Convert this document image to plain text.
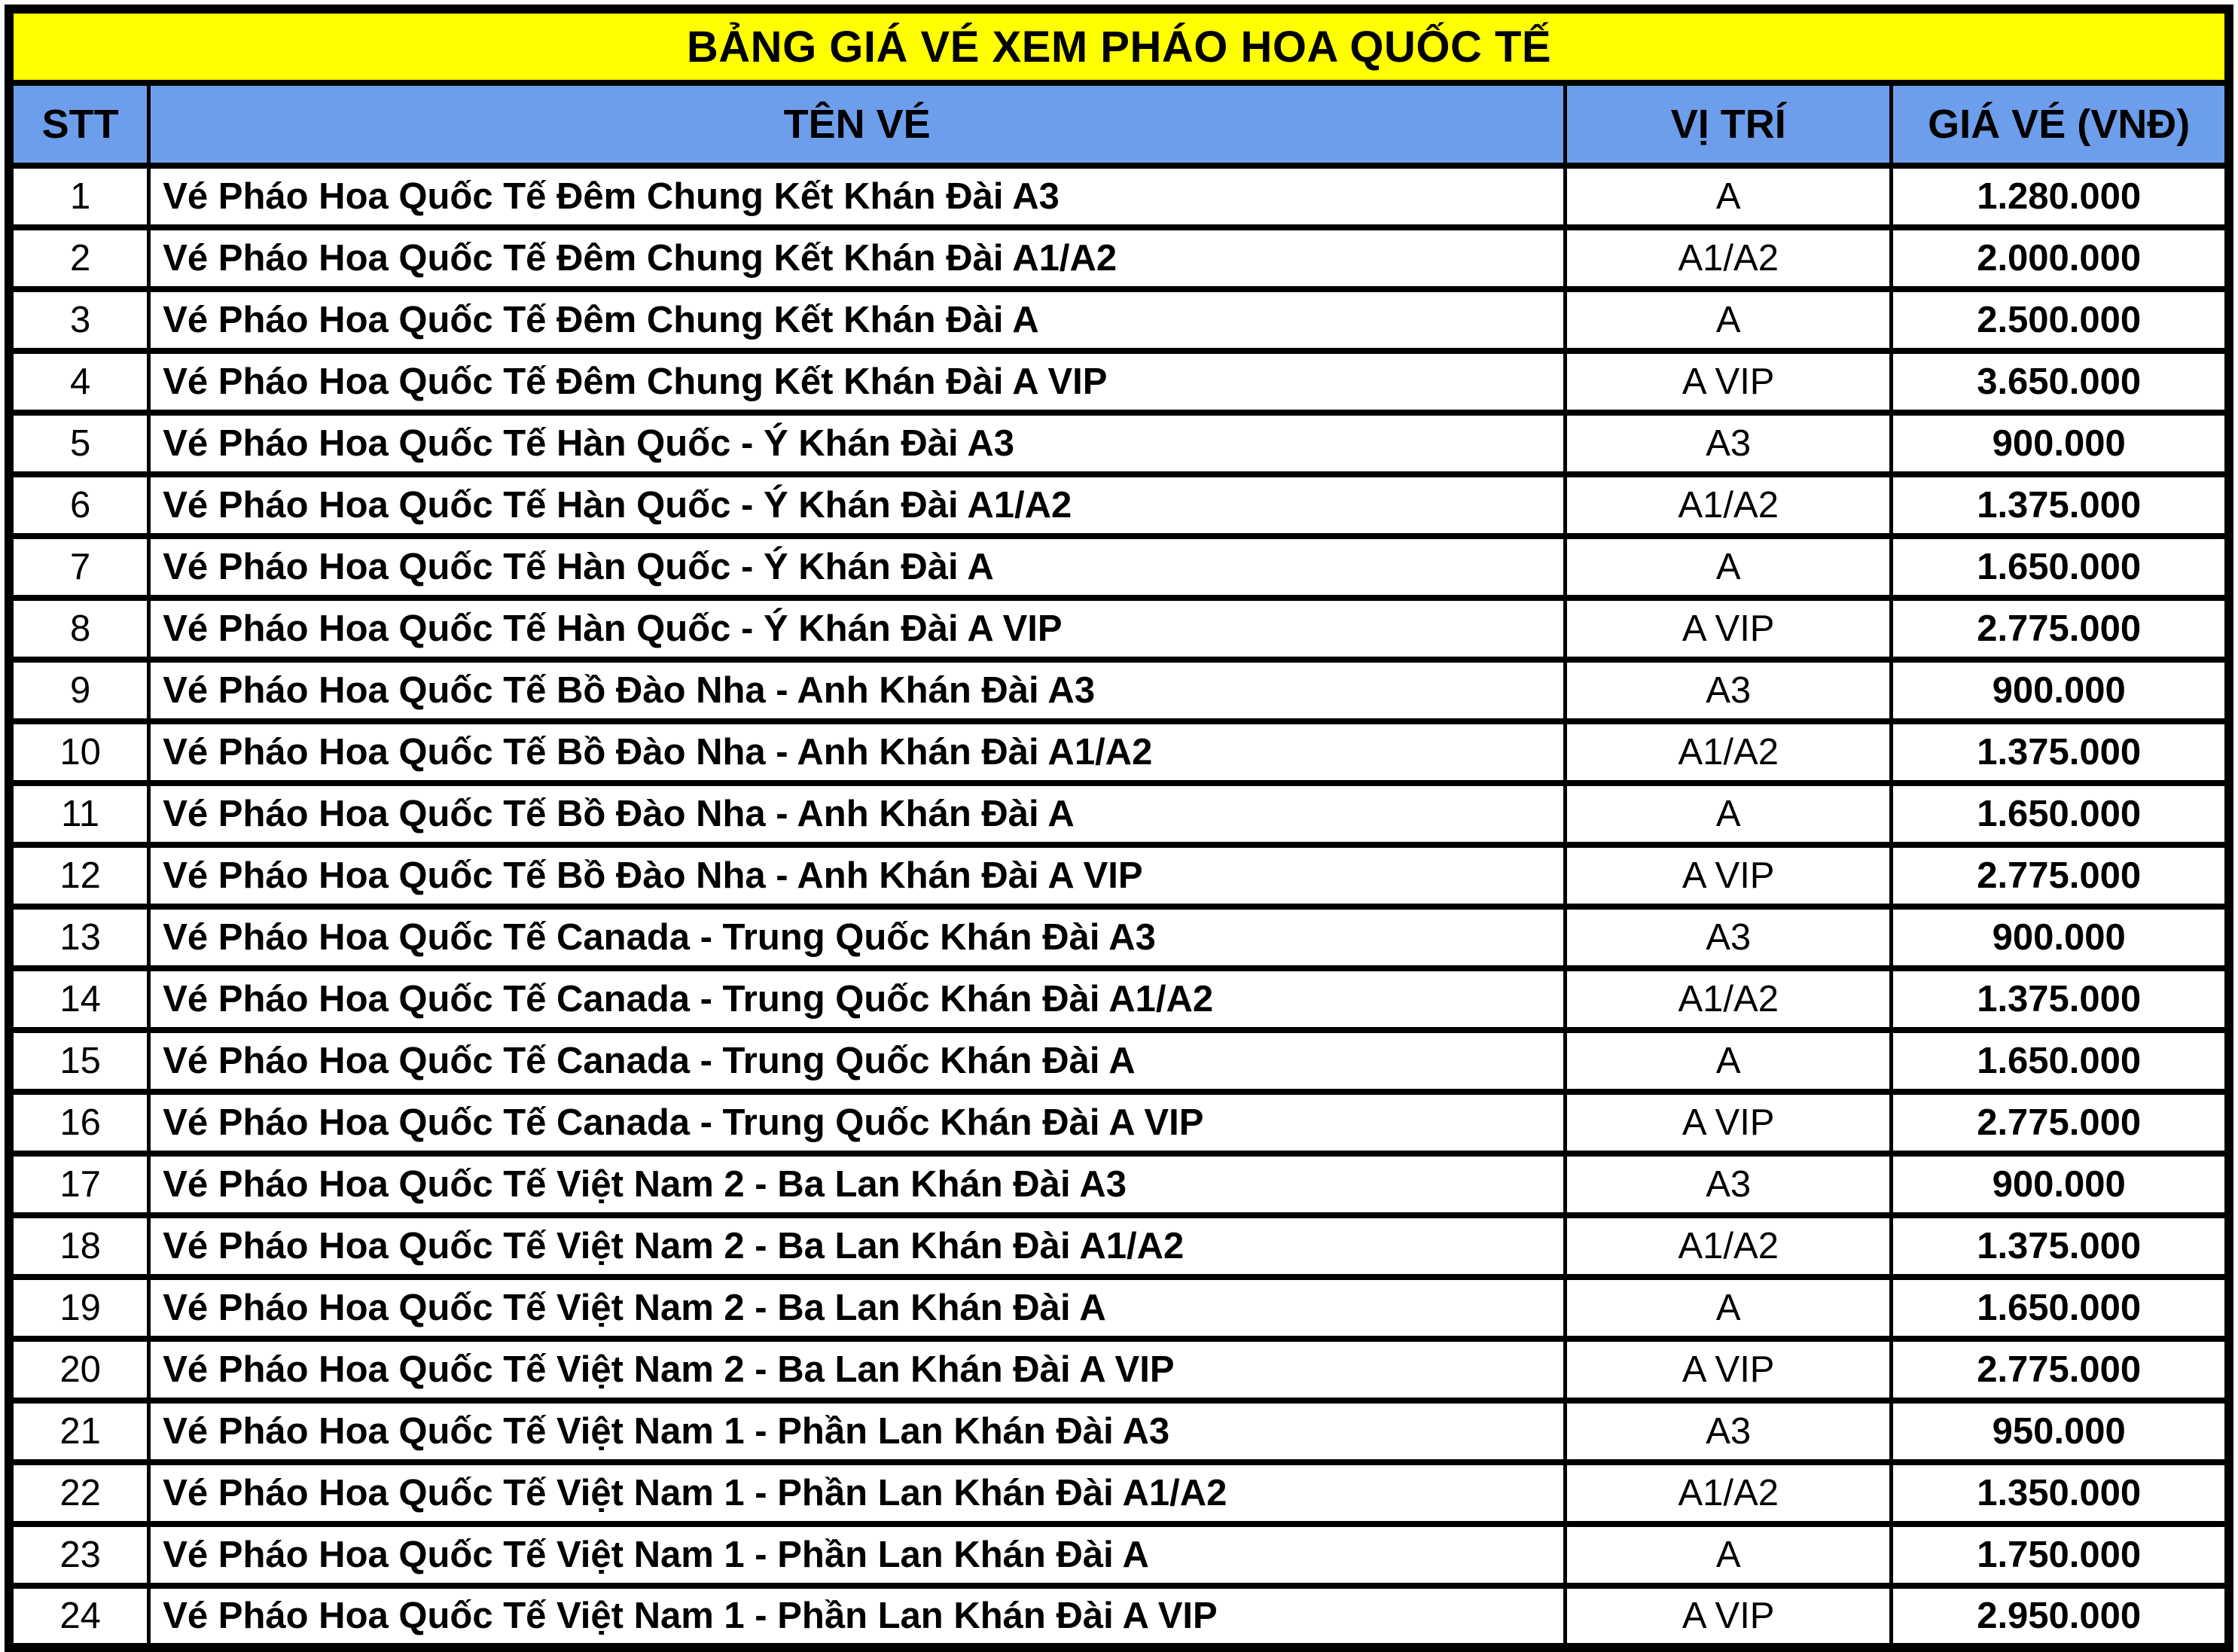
BẢNG GIÁ VÉ XEM PHÁO HOA QUỐC TẾ			
STT	TÊN VÉ	VỊ TRÍ	GIÁ VÉ (VNĐ)
1	Vé Pháo Hoa Quốc Tế Đêm Chung Kết Khán Đài A3	A	1.280.000
2	Vé Pháo Hoa Quốc Tế Đêm Chung Kết Khán Đài A1/A2	A1/A2	2.000.000
3	Vé Pháo Hoa Quốc Tế Đêm Chung Kết Khán Đài A	A	2.500.000
4	Vé Pháo Hoa Quốc Tế Đêm Chung Kết Khán Đài A VIP	A VIP	3.650.000
5	Vé Pháo Hoa Quốc Tế Hàn Quốc - Ý Khán Đài A3	A3	900.000
6	Vé Pháo Hoa Quốc Tế Hàn Quốc - Ý Khán Đài A1/A2	A1/A2	1.375.000
7	Vé Pháo Hoa Quốc Tế Hàn Quốc - Ý Khán Đài A	A	1.650.000
8	Vé Pháo Hoa Quốc Tế Hàn Quốc - Ý Khán Đài A VIP	A VIP	2.775.000
9	Vé Pháo Hoa Quốc Tế Bồ Đào Nha - Anh Khán Đài A3	A3	900.000
10	Vé Pháo Hoa Quốc Tế Bồ Đào Nha - Anh Khán Đài A1/A2	A1/A2	1.375.000
11	Vé Pháo Hoa Quốc Tế Bồ Đào Nha - Anh Khán Đài A	A	1.650.000
12	Vé Pháo Hoa Quốc Tế Bồ Đào Nha - Anh Khán Đài A VIP	A VIP	2.775.000
13	Vé Pháo Hoa Quốc Tế Canada - Trung Quốc Khán Đài A3	A3	900.000
14	Vé Pháo Hoa Quốc Tế Canada - Trung Quốc Khán Đài A1/A2	A1/A2	1.375.000
15	Vé Pháo Hoa Quốc Tế Canada - Trung Quốc Khán Đài A	A	1.650.000
16	Vé Pháo Hoa Quốc Tế Canada - Trung Quốc Khán Đài A VIP	A VIP	2.775.000
17	Vé Pháo Hoa Quốc Tế Việt Nam 2 - Ba Lan Khán Đài A3	A3	900.000
18	Vé Pháo Hoa Quốc Tế Việt Nam 2 - Ba Lan Khán Đài A1/A2	A1/A2	1.375.000
19	Vé Pháo Hoa Quốc Tế Việt Nam 2 - Ba Lan Khán Đài A	A	1.650.000
20	Vé Pháo Hoa Quốc Tế Việt Nam 2 - Ba Lan Khán Đài A VIP	A VIP	2.775.000
21	Vé Pháo Hoa Quốc Tế Việt Nam 1 - Phần Lan Khán Đài A3	A3	950.000
22	Vé Pháo Hoa Quốc Tế Việt Nam 1 - Phần Lan Khán Đài A1/A2	A1/A2	1.350.000
23	Vé Pháo Hoa Quốc Tế Việt Nam 1 - Phần Lan Khán Đài A	A	1.750.000
24	Vé Pháo Hoa Quốc Tế Việt Nam 1 - Phần Lan Khán Đài A VIP	A VIP	2.950.000
